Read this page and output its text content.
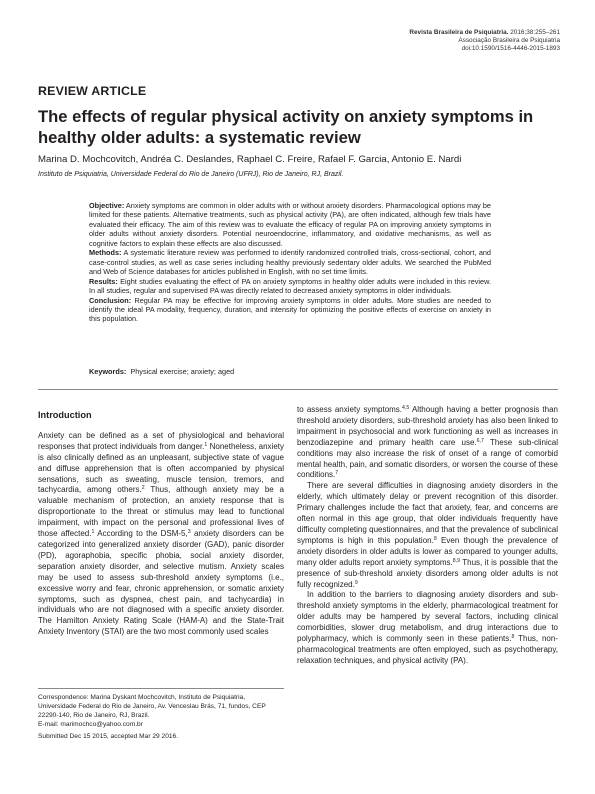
Revista Brasileira de Psiquiatria. 2016;38:255–261
Associação Brasileira de Psiquiatria
doi:10.1590/1516-4446-2015-1893
REVIEW ARTICLE
The effects of regular physical activity on anxiety symptoms in healthy older adults: a systematic review
Marina D. Mochcovitch, Andréa C. Deslandes, Raphael C. Freire, Rafael F. Garcia, Antonio E. Nardi
Instituto de Psiquiatria, Universidade Federal do Rio de Janeiro (UFRJ), Rio de Janeiro, RJ, Brazil.

Objective: Anxiety symptoms are common in older adults with or without anxiety disorders. Pharmacological options may be limited for these patients. Alternative treatments, such as physical activity (PA), are often indicated, although few trials have evaluated their efficacy. The aim of this review was to evaluate the efficacy of regular PA on improving anxiety symptoms in older adults without anxiety disorders. Potential neuroendocrine, inflammatory, and oxidative mechanisms, as well as cognitive factors to explain these effects are also discussed.

Methods: A systematic literature review was performed to identify randomized controlled trials, cross-sectional, cohort, and case-control studies, as well as case series including healthy previously sedentary older adults. We searched the PubMed and Web of Science databases for articles published in English, with no set time limits.

Results: Eight studies evaluating the effect of PA on anxiety symptoms in healthy older adults were included in this review. In all studies, regular and supervised PA was directly related to decreased anxiety symptoms in older individuals.

Conclusion: Regular PA may be effective for improving anxiety symptoms in older adults. More studies are needed to identify the ideal PA modality, frequency, duration, and intensity for optimizing the positive effects of exercise on anxiety in this population.

Keywords: Physical exercise; anxiety; aged
Introduction

Anxiety can be defined as a set of physiological and behavioral responses that protect individuals from danger.$^1$ Nonetheless, anxiety is also clinically defined as an unpleasant, subjective state of vague and diffuse apprehension that is often accompanied by physical sensations, such as sweating, muscle tension, tremors, and tachycardia, among others.$^2$ Thus, although anxiety may be a valuable mechanism of protection, an anxiety response that is disproportionate to the threat or stimulus may lead to functional impairment, with impact on the personal and professional lives of those affected.$^1$ According to the DSM-5,$^3$ anxiety disorders can be categorized into generalized anxiety disorder (GAD), panic disorder (PD), agoraphobia, specific phobia, social anxiety disorder, separation anxiety disorder, and selective mutism. Anxiety scales may be used to assess sub-threshold anxiety symptoms (i.e., excessive worry and fear, chronic apprehension, or somatic anxiety symptoms, such as dyspnea, chest pain, and tachycardia) in individuals who are not diagnosed with a specific anxiety disorder. The Hamilton Anxiety Rating Scale (HAM-A) and the State-Trait Anxiety Inventory (STAI) are the two most commonly used scales

to assess anxiety symptoms.$^{4,5}$ Although having a better prognosis than threshold anxiety disorders, sub-threshold anxiety has also been linked to impairment in psychosocial and work functioning as well as increases in benzodiazepine and primary health care use.$^{6,7}$ These sub-clinical conditions may also increase the risk of onset of a range of comorbid mental health, pain, and somatic disorders, or worsen the course of these conditions.$^7$

There are several difficulties in diagnosing anxiety disorders in the elderly, which ultimately delay or prevent recognition of this disorder. Primary challenges include the fact that anxiety, fear, and concerns are often normal in this age group, that older individuals frequently have difficulty completing questionnaires, and that the prevalence of subclinical symptoms is high in this population.$^8$ Even though the prevalence of anxiety disorders in older adults is lower as compared to younger adults, many older adults report anxiety symptoms.$^{8,9}$ Thus, it is possible that the presence of sub-threshold anxiety disorders among older adults is not fully recognized.$^9$

In addition to the barriers to diagnosing anxiety disorders and sub-threshold anxiety symptoms in the elderly, pharmacological treatment for older adults may be hampered by several factors, including clinical comorbidities, slower drug metabolism, and drug interactions due to polypharmacy, which is commonly seen in these patients.$^8$ Thus, non-pharmacological treatments are often employed, such as psychotherapy, relaxation techniques, and physical activity (PA).

Correspondence: Marina Dyskant Mochcovitch, Instituto de Psiquiatria, Universidade Federal do Rio de Janeiro, Av. Venceslau Brás, 71, fundos, CEP 22290-140, Rio de Janeiro, RJ, Brazil.

E-mail: marimochco@yahoo.com.br

Submitted Dec 15 2015, accepted Mar 29 2016.
